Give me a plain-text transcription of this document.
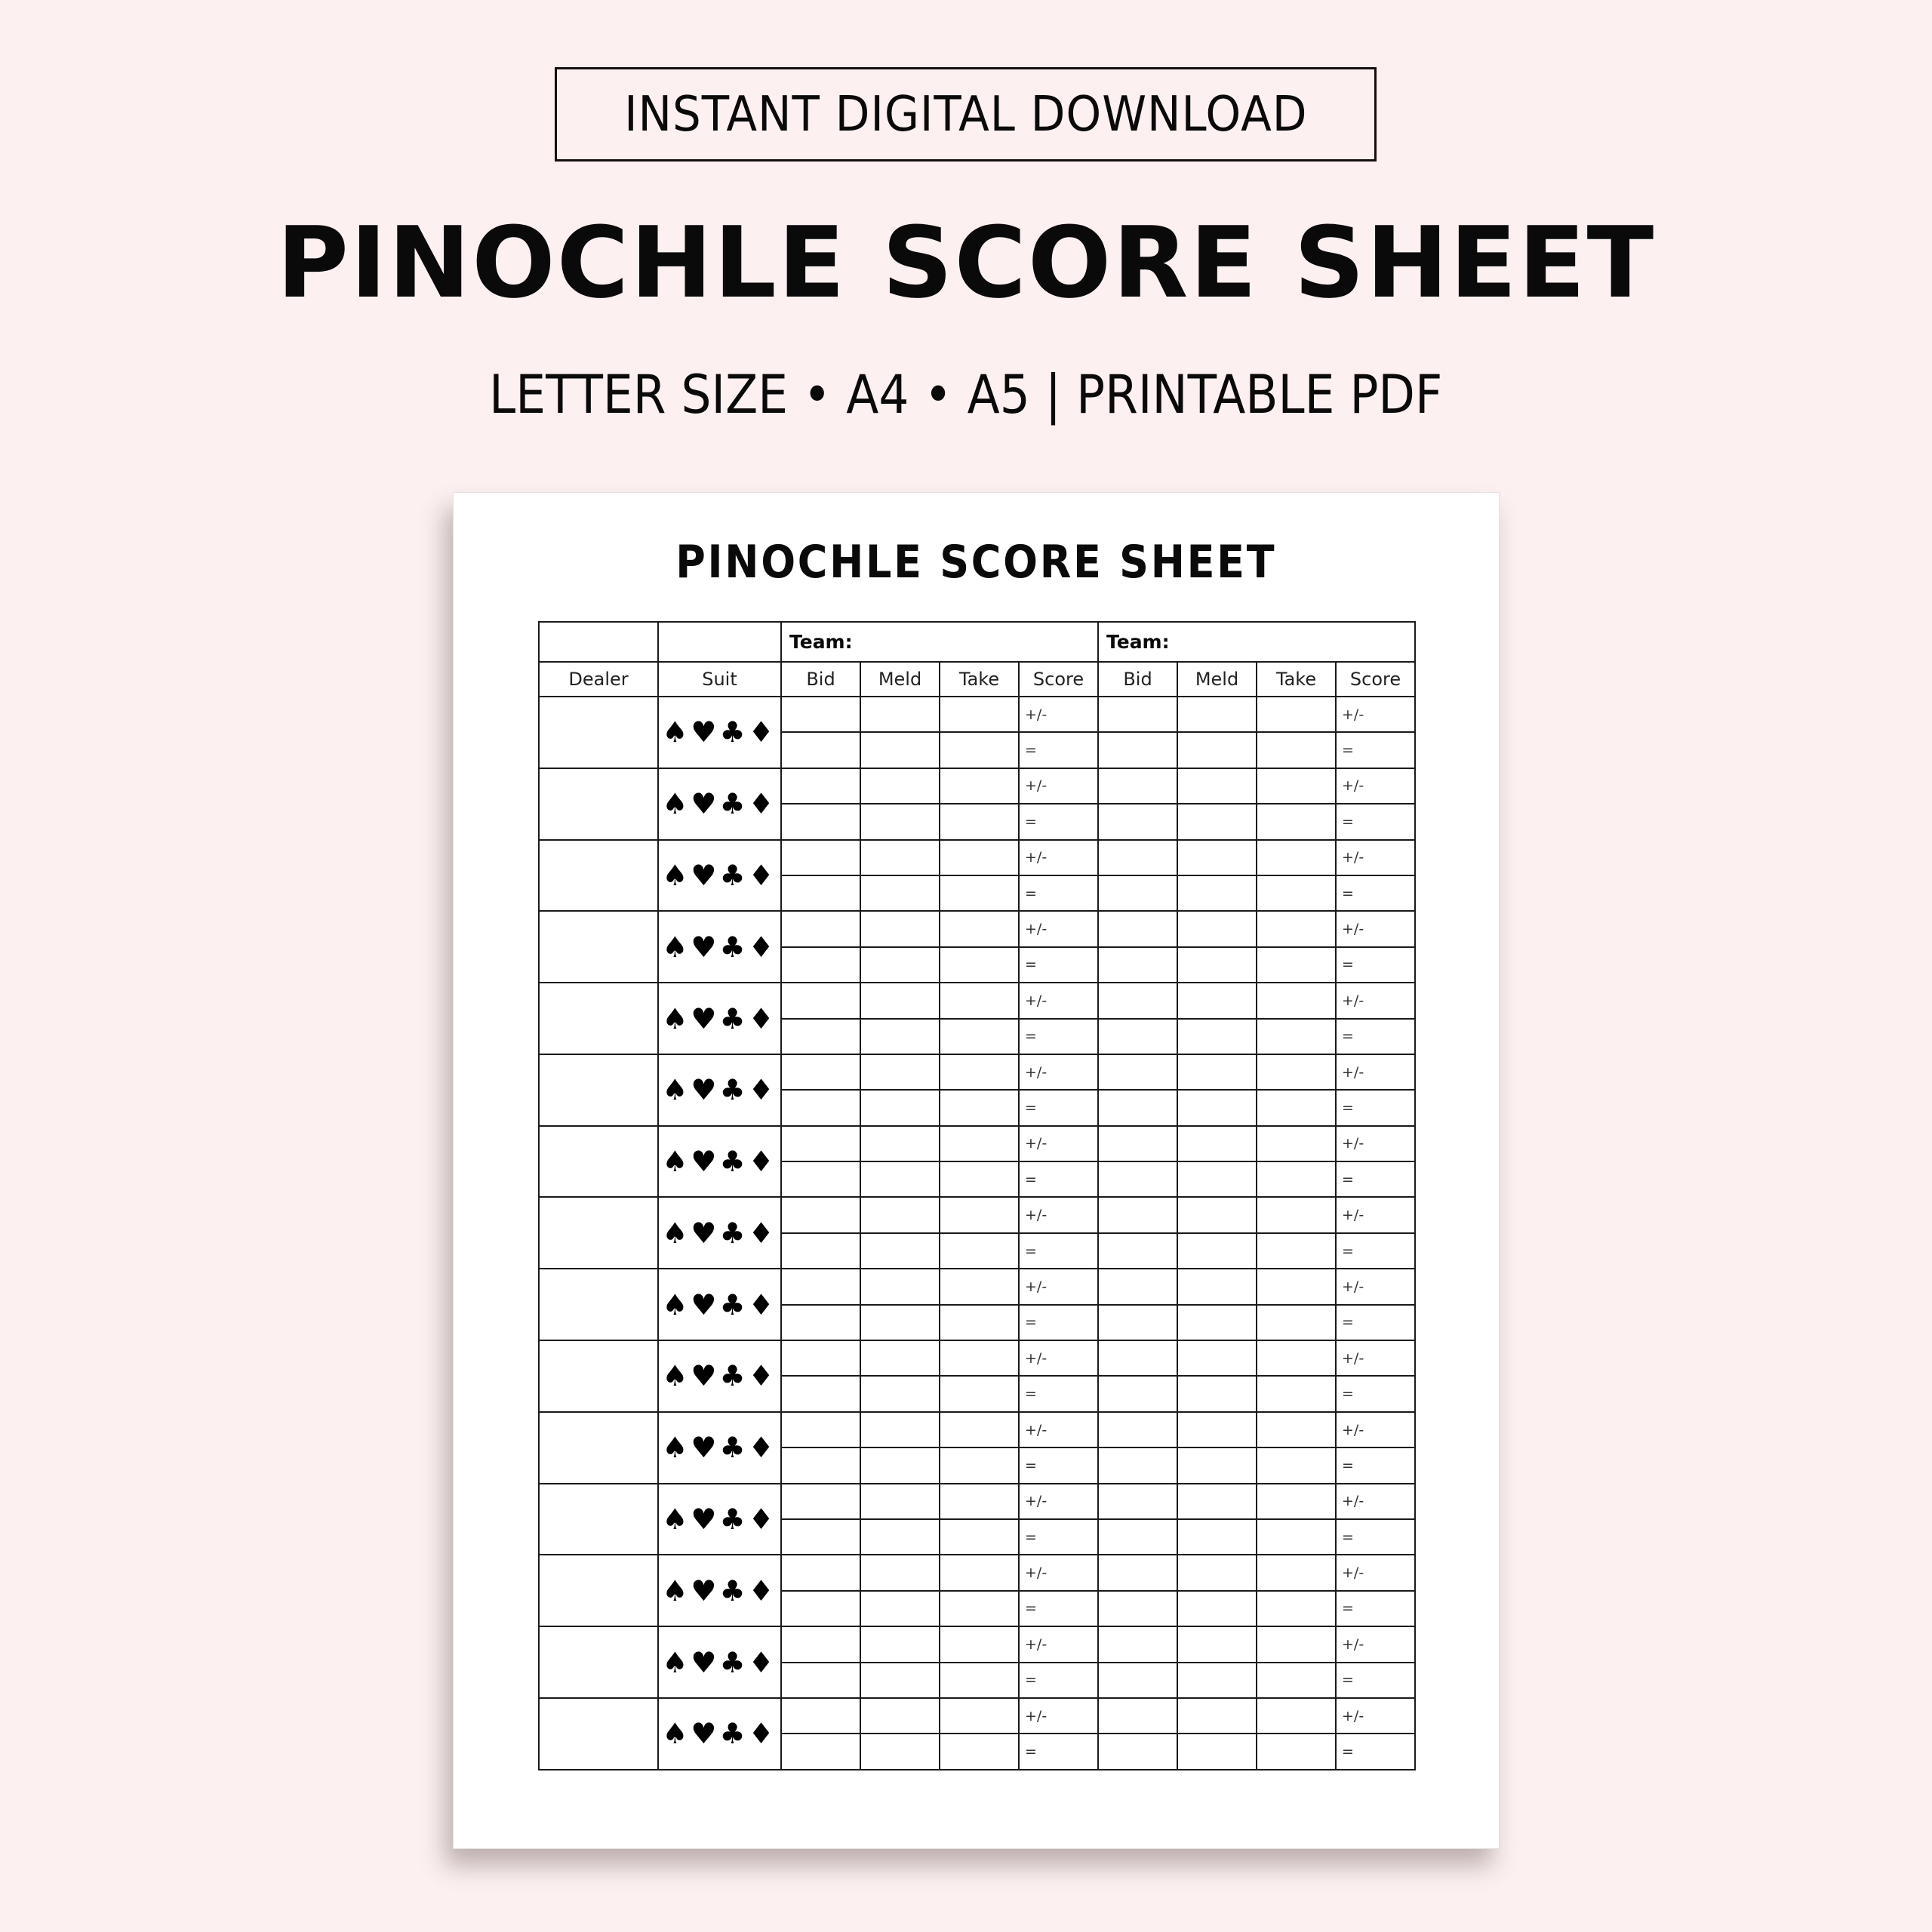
INSTANT DIGITAL DOWNLOAD
PINOCHLE SCORE SHEET
LETTER SIZE • A4 • A5 | PRINTABLE PDF
PINOCHLE SCORE SHEET
		Team:				Team:			
Dealer	Suit	Bid	Meld	Take	Score	Bid	Meld	Take	Score
	♠♥♣♦				+/-				+/-
					=				=
	♠♥♣♦				+/-				+/-
					=				=
	♠♥♣♦				+/-				+/-
					=				=
	♠♥♣♦				+/-				+/-
					=				=
	♠♥♣♦				+/-				+/-
					=				=
	♠♥♣♦				+/-				+/-
					=				=
	♠♥♣♦				+/-				+/-
					=				=
	♠♥♣♦				+/-				+/-
					=				=
	♠♥♣♦				+/-				+/-
					=				=
	♠♥♣♦				+/-				+/-
					=				=
	♠♥♣♦				+/-				+/-
					=				=
	♠♥♣♦				+/-				+/-
					=				=
	♠♥♣♦				+/-				+/-
					=				=
	♠♥♣♦				+/-				+/-
					=				=
	♠♥♣♦				+/-				+/-
					=				=
